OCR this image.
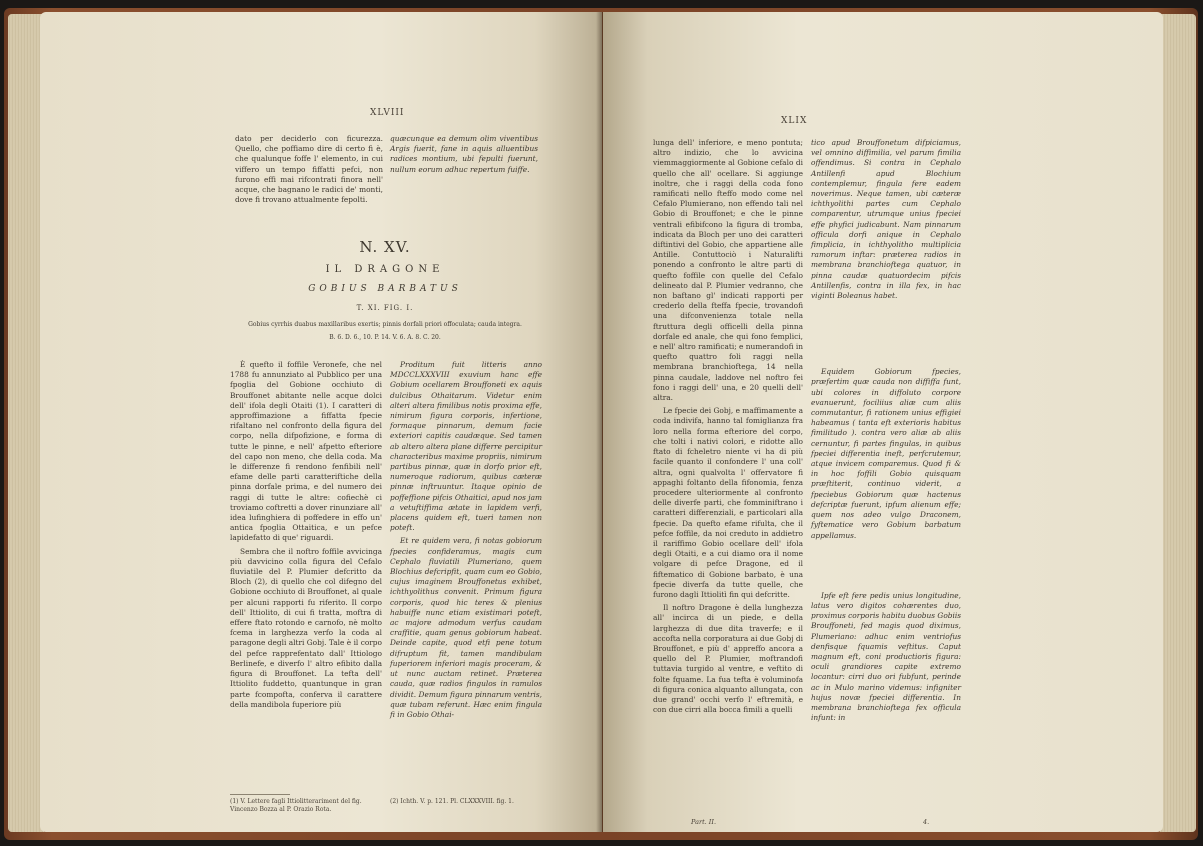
XLVIII

dato per deciderlo con ficurezza. Quello, che poffiamo dire di certo fi è, che qualunque foffe l' elemento, in cui viffero un tempo fiffatti pefci, non furono effi mai rifcontrati finora nell' acque, che bagnano le radici de' monti, dove fi trovano attualmente fepolti.

quæcunque ea demum olim viventibus Argis fuerit, fane in aquis alluentibus radices montium, ubi fepulti fuerunt, nullum eorum adhuc repertum fuiffe.

N. XV.
IL DRAGONE
GOBIUS BARBATUS
T. XI. FIG. I.
Gobius cyrrhis duabus maxillaribus exertis; pinnis dorfali priori offoculata; cauda integra.
B. 6. D. 6., 10. P. 14. V. 6. A. 8. C. 20.

È quefto il foffile Veronefe, che nel 1788 fu annunziato al Pubblico per una fpoglia del Gobione occhiuto di Brouffonet abitante nelle acque dolci dell' ifola degli Otaiti (1). I caratteri di approffimazione a fiffatta fpecie rifaltano nel confronto della figura del corpo, nella difpofizione, e forma di tutte le pinne, e nell' afpetto efteriore del capo non meno, che della coda. Ma le differenze fi rendono fenfibili nell' efame delle parti caratteriftiche della pinna dorfale prima, e del numero dei raggi di tutte le altre: cofiechè ci troviamo coftretti a dover rinunziare all' idea lufinghiera di poffedere in effo un' antica fpoglia Ottaitica, e un pefce lapidefatto di que' riguardi.

Sembra che il noftro foffile avvicinga più davvicino colla figura del Cefalo fluviatile del P. Plumier defcritto da Bloch (2), di quello che col difegno del Gobione occhiuto di Brouffonet, al quale per alcuni rapporti fu riferito. Il corpo dell' Ittiolito, di cui fi tratta, moftra di effere ftato rotondo e carnofo, nè molto fcema in larghezza verfo la coda al paragone degli altri Gobj. Tale è il corpo del pefce rapprefentato dall' Ittiologo Berlinefe, e diverfo l' altro efibito dalla figura di Brouffonet. La tefta dell' Ittiolito fuddetto, quantunque in gran parte fcompofta, conferva il carattere della mandibola fuperiore più

Proditum fuit litteris anno MDCCLXXXVIII exuvium hanc effe Gobium ocellarem Brouffoneti ex aquis dulcibus Othaitarum. Videtur enim alteri altera fimilibus notis proxima effe, nimirum figura corporis, infertione, formaque pinnarum, demum facie exteriori capitis caudæque. Sed tamen ab altero altera plane differre percipitur characteribus maxime propriis, nimirum partibus pinnæ, quæ in dorfo prior eft, numeroque radiorum, quibus cæteræ pinnæ inftruuntur. Itaque opinio de poffeffione pifcis Othaitici, apud nos jam a vetuftiffima ætate in lapidem verfi, placens quidem eft, tueri tamen non poteft.

Et re quidem vera, fi notas gobiorum fpecies confideramus, magis cum Cephalo fluviatili Plumeriano, quem Blochius defcripfit, quam cum eo Gobio, cujus imaginem Brouffonetus exhibet, ichthyolithus convenit. Primum figura corporis, quod hic teres & plenius habuiffe nunc etiam existimari poteft, ac majore admodum verfus caudam craffitie, quam genus gobiorum habeat. Deinde capite, quod etfi pene totum difruptum fit, tamen mandibulam fuperiorem inferiori magis proceram, & ut nunc auctam retinet. Præterea cauda, quæ radios fingulos in ramulos dividit. Demum figura pinnarum ventris, quæ tubam referunt. Hæc enim fingula fi in Gobio Othai-

(1) V. Lettere fagli Ittiolitterariment del fig. Vincenzo Bozza al P. Orazio Rota.
(2) Ichth. V. p. 121. Pl. CLXXXVIII. fig. 1.
XLIX

lunga dell' inferiore, e meno pontuta; altro indizio, che lo avvicina viemmaggiormente al Gobione cefalo di quello che all' ocellare. Si aggiunge inoltre, che i raggi della coda fono ramificati nello fteffo modo come nel Cefalo Plumierano, non effendo tali nel Gobio di Brouffonet; e che le pinne ventrali efibifcono la figura di tromba, indicata da Bloch per uno dei caratteri diftintivi del Gobio, che appartiene alle Antille. Contuttociò i Naturalifti ponendo a confronto le altre parti di quefto foffile con quelle del Cefalo delineato dal P. Plumier vedranno, che non baftano gl' indicati rapporti per crederlo della fteffa fpecie, trovandofi una difconvenienza totale nella ftruttura degli officelli della pinna dorfale ed anale, che qui fono femplici, e nell' altro ramificati; e numerandofi in quefto quattro foli raggi nella membrana branchioftega, 14 nella pinna caudale, laddove nel noftro fei fono i raggi dell' una, e 20 quelli dell' altra.

Le fpecie dei Gobj, e maffimamente a coda indivifa, hanno tal fomiglianza fra loro nella forma efteriore del corpo, che tolti i nativi colori, e ridotte allo ftato di fcheletro niente vi ha di più facile quanto il confondere l' una coll' altra, ogni qualvolta l' offervatore fi appaghi foltanto della fifonomia, fenza procedere ulteriormente al confronto delle diverfe parti, che fomminiftrano i caratteri differenziali, e particolari alla fpecie. Da quefto efame rifulta, che il pefce foffile, da noi creduto in addietro il rariffimo Gobio ocellare dell' ifola degli Otaiti, e a cui diamo ora il nome volgare di pefce Dragone, ed il fiftematico di Gobione barbato, è una fpecie diverfa da tutte quelle, che furono dagli Ittiolitì fin qui defcritte.

Il noftro Dragone è della lunghezza all' incirca di un piede, e della larghezza di due dita traverfe; e il accofta nella corporatura ai due Gobj di Brouffonet, e più d' appreffo ancora a quello del P. Plumier, moftrandofi tuttavia turgido al ventre, e veftito di folte fquame. La fua tefta è voluminofa di figura conica alquanto allungata, con due grand' occhi verfo l' eftremità, e con due cirri alla bocca fimili a quelli

tico apud Brouffonetum difpiciamus, vel omnino diffimilia, vel parum fimilia offendimus. Si contra in Cephalo Antillenfi apud Blochium contemplemur, fingula fere eadem noverimus. Neque tamen, ubi cæteræ ichthyolithi partes cum Cephalo comparentur, utrumque unius fpeciei effe phyfici judicabunt. Nam pinnarum officula dorfi anique in Cephalo fimplicia, in ichthyolitho multiplicia ramorum inftar: præterea radios in membrana branchioftega quatuor, in pinna caudæ quatuordecim pifcis Antillenfis, contra in illa fex, in hac viginti Boleanus habet.

Equidem Gobiorum fpecies, præfertim quæ cauda non diffiffa funt, ubi colores in diffoluto corpore evanuerunt, fociliius aliæ cum aliis commutantur, fi rationem unius effigiei habeamus ( tanta eft exterioris habitus fimilitudo ). contra vero aliæ ab aliis cernuntur, fi partes fingulas, in quibus fpeciei differentia ineft, perfcrutemur, atque invicem comparemus. Quod fi & in hoc foffili Gobio quisquam præftiterit, continuo viderit, a fpeciebus Gobiorum quæ hactenus defcriptæ fuerunt, ipfum alienum effe; quem nos adeo vulgo Draconem, fyftematice vero Gobium barbatum appellamus.

Ipfe eft fere pedis unius longitudine, latus vero digitos cohærentes duo, proximus corporis habitu duobus Gobiis Brouffoneti, fed magis quod diximus, Plumeriano: adhuc enim ventriofus denfisque fquamis veftitus. Caput magnum eft, coni productioris figura: oculi grandiores capite extremo locantur: cirri duo ori fubfunt, perinde ac in Mulo marino videmus: infigniter hujus novæ fpeciei differentia. In membrana branchioftega fex officula infunt: in

Part. II.	4.
